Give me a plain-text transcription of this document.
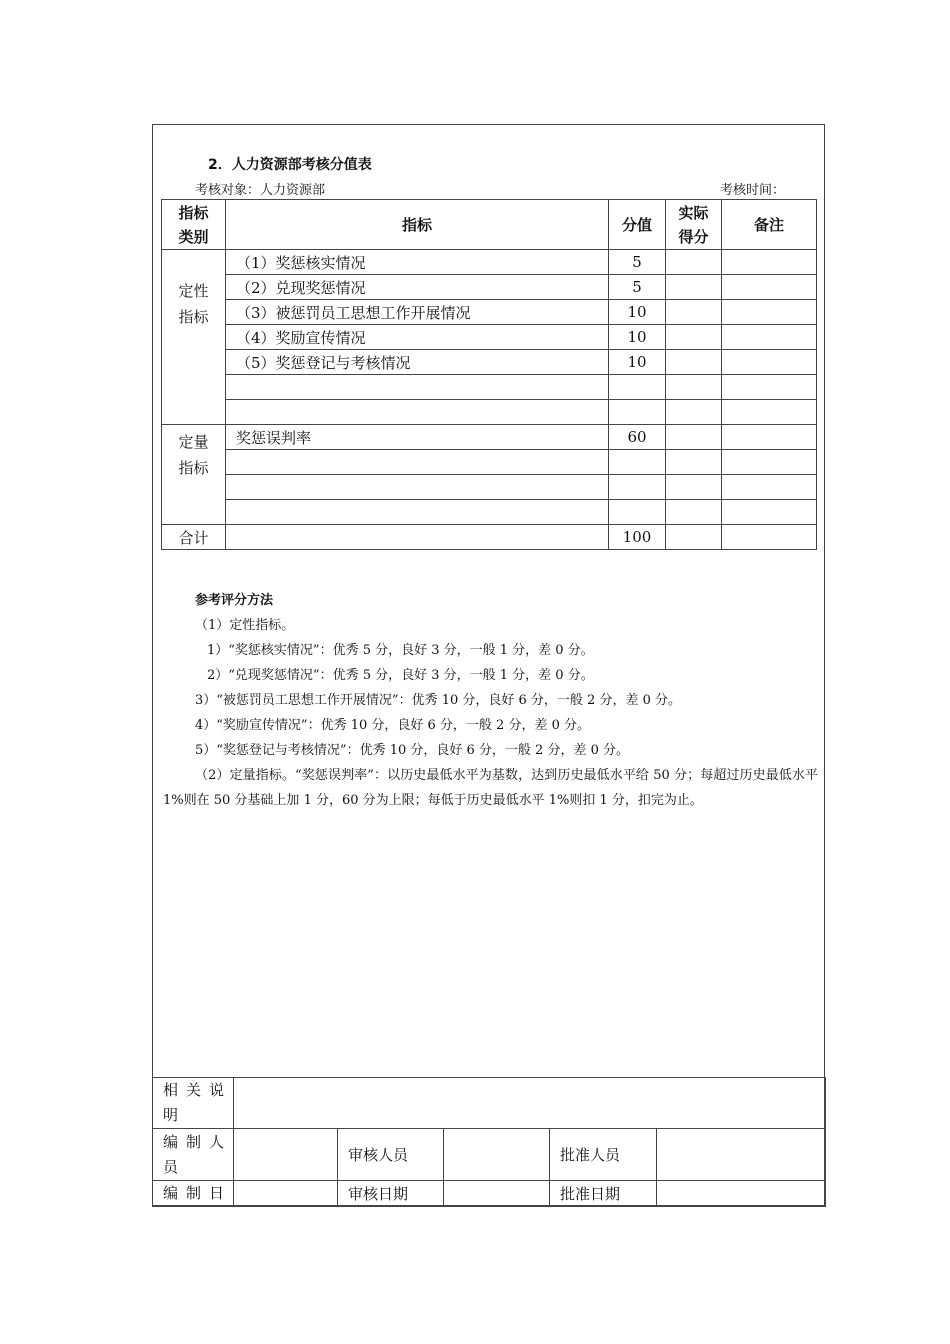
2．人力资源部考核分值表
考核对象：人力资源部	考核时间：
指标类别	指标	分值	实际得分	备注
定性指标	（1）奖惩核实情况	5		
	（2）兑现奖惩情况	5		
	（3）被惩罚员工思想工作开展情况	10		
	（4）奖励宣传情况	10		
	（5）奖惩登记与考核情况	10		

定量指标	奖惩误判率	60		

合计		100		
参考评分方法
（1）定性指标。
1）“奖惩核实情况”：优秀 5 分，良好 3 分，一般 1 分，差 0 分。
2）“兑现奖惩情况”：优秀 5 分，良好 3 分，一般 1 分，差 0 分。
3）“被惩罚员工思想工作开展情况”：优秀 10 分，良好 6 分，一般 2 分，差 0 分。
4）“奖励宣传情况”：优秀 10 分，良好 6 分，一般 2 分，差 0 分。
5）“奖惩登记与考核情况”：优秀 10 分，良好 6 分，一般 2 分，差 0 分。
（2）定量指标。“奖惩误判率”：以历史最低水平为基数，达到历史最低水平给 50 分；每超过历史最低水平 1%则在 50 分基础上加 1 分，60 分为上限；每低于历史最低水平 1%则扣 1 分，扣完为止。
相关说明					
编制人员		审核人员		批准人员	
编制日		审核日期		批准日期	
